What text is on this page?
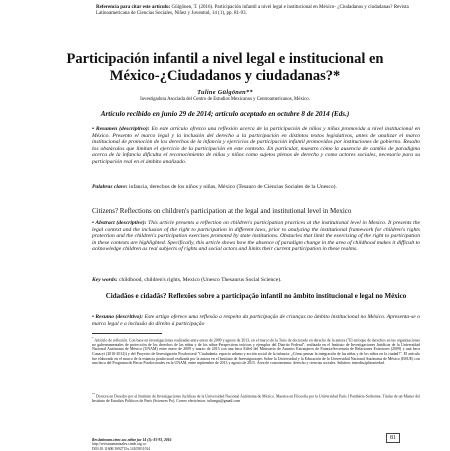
Referencia para citar este artículo: Gülgönen, T. (2016). Participación infantil a nivel legal e institucional en México- ¿Ciudadanos y ciudadanas? Revista Latinoamericana de Ciencias Sociales, Niñez y Juventud, 14 (1), pp. 81-93.
Participación infantil a nivel legal e institucional en México-¿Ciudadanos y ciudadanas?*
Tuline Gülgönen**
Investigadora Asociada del Centro de Estudios Mexicanos y Centroamericanos, México.
Artículo recibido en junio 29 de 2014; artículo aceptado en octubre 8 de 2014 (Eds.)
• Resumen (descriptivo): En este artículo ofrezco una reflexión acerca de la participación de niños y niñas promovida a nivel institucional en México. Presento el marco legal y la inclusión del derecho a la participación en distintos textos legislativos, antes de analizar el marco institucional de promoción de los derechos de la infancia y ejercicios de participación infantil promovidos por instituciones de gobierno. Resalto los obstáculos que limitan el ejercicio de la participación en este contexto. En particular, muestro cómo la ausencia de cambio de paradigma acerca de la infancia dificulta el reconocimiento de niñas y niños como sujetos plenos de derecho y como actores sociales, necesario para su participación real en el ámbito analizado.
Palabras clave: infancia, derechos de los niños y niñas, México (Tesauro de Ciencias Sociales de la Unesco).
Citizens? Reflections on children's participation at the legal and institutional level in Mexico
• Abstract (descriptive): This article presents a reflection on children's participation practices at the institutional level in Mexico. It presents the legal context and the inclusion of the right to participation in different laws, prior to analyzing the institutional framework for children's rights protection and the children's participation exercises promoted by state institutions. Obstacles that limit the exercising of the right to participation in these contexts are highlighted. Specifically, this article shows how the absence of paradigm change in the area of childhood makes it difficult to acknowledge children as real subjects of rights and social actors and limits their current participation in these realms.
Key words: childhood, children's rights, Mexico (Unesco Thesaurus Social Science).
Cidadãos e cidadãs? Reflexões sobre a participação infantil no âmbito institucional e legal no México
• Resumo (descritivo): Este artigo oferece uma reflexão a respeito da participação de crianças no âmbito institucional no México. Apresenta-se o marco legal e a inclusão do direito à participação
* Artículo de reflexión. Con base en investigaciones realizadas entre enero de 2009 y agosto de 2013, en el marco de la Tesis de doctorado en derecho de la autora ("El enfoque de derechos en las organizaciones no gubernamentales de protección de los derechos de las niñas y de los niños-Perspectivas teóricas y ejemplos del Distrito Federal", realizada en el Instituto de Investigaciones Jurídicas de la Universidad Nacional Autónoma de México (UNAM) entre enero de 2009 y marzo de 2013 con una beca Eiffel del Ministerio de Asuntos Extranjeros de Francia/Secretaría de Relaciones Exteriores (2009) y una beca Conacyt (2010-2012)) y del Proyecto de Investigación Posdoctoral "Ciudadanía, espacio urbano y acción social de la infancia: ¿Cómo pensar la integración de las niñas y de los niños en la ciudad?". El artículo fue elaborado en el marco de la estancia posdoctoral realizada por la autora en el Instituto de Investigaciones Sobre la Universidad y la Educación de la Universidad Nacional Autónoma de México (IISUE) con una beca del Programa de Becas Posdoctorales en la UNAM, entre septiembre de 2013 y agosto de 2015. Área de conocimiento: derecho y ciencias sociales. Subárea: interdisciplinariedad.
** Doctora en Derecho por el Instituto de Investigaciones Jurídicas de la Universidad Nacional Autónoma de México. Maestra en Filosofía por la Universidad París I Panthéon-Sorbonne. Titular de un Máster del Instituto de Estudios Políticos de París (Sciences Po). Correo electrónico: tulinegu@gmail.com
Rev.latinoam.cienc.soc.niñez juv 14 (1): 81-93, 2016
http://revistaumanizales.cinde.org.co
DOI:10.11600/1692715x.14105011014
81
